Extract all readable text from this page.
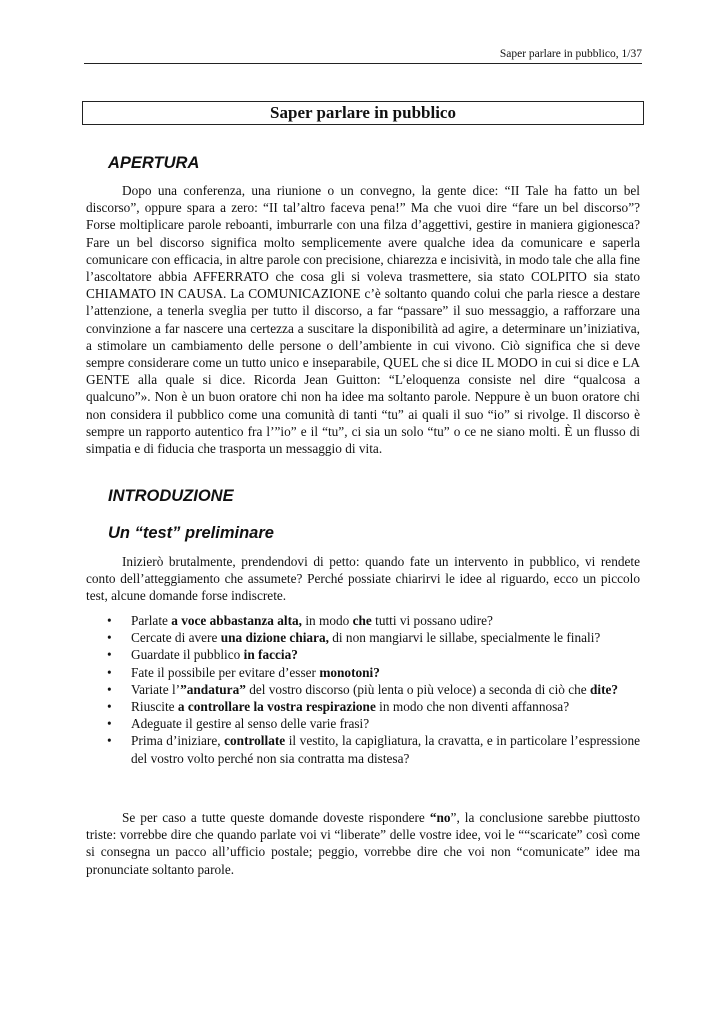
Saper parlare in pubblico, 1/37
Saper parlare in pubblico
APERTURA

Dopo una conferenza, una riunione o un convegno, la gente dice: “II Tale ha fatto un bel discorso”, oppure spara a zero: “II tal’altro faceva pena!” Ma che vuoi dire “fare un bel discorso”? Forse moltiplicare parole reboanti, imburrarle con una filza d’aggettivi, gestire in maniera gigionesca? Fare un bel discorso significa molto semplicemente avere qualche idea da comunicare e saperla comunicare con efficacia, in altre parole con precisione, chiarezza e incisività, in modo tale che alla fine l’ascoltatore abbia AFFERRATO che cosa gli si voleva trasmettere, sia stato COLPITO sia stato CHIAMATO IN CAUSA. La COMUNICAZIONE c’è soltanto quando colui che parla riesce a destare l’attenzione, a tenerla sveglia per tutto il discorso, a far “passare” il suo messaggio, a rafforzare una convinzione a far nascere una certezza a suscitare la disponibilità ad agire, a determinare un’iniziativa, a stimolare un cambiamento delle persone o dell’ambiente in cui vivono. Ciò significa che si deve sempre considerare come un tutto unico e inseparabile, QUEL che si dice IL MODO in cui si dice e LA GENTE alla quale si dice. Ricorda Jean Guitton: “L’eloquenza consiste nel dire “qualcosa a qualcuno”». Non è un buon oratore chi non ha idee ma soltanto parole. Neppure è un buon oratore chi non considera il pubblico come una comunità di tanti “tu” ai quali il suo “io” si rivolge. Il discorso è sempre un rapporto autentico fra l’”io” e il “tu”, ci sia un solo “tu” o ce ne siano molti. È un flusso di simpatia e di fiducia che trasporta un messaggio di vita.

INTRODUZIONE
Un “test” preliminare

Inizierò brutalmente, prendendovi di petto: quando fate un intervento in pubblico, vi rendete conto dell’atteggiamento che assumete? Perché possiate chiarirvi le idee al riguardo, ecco un piccolo test, alcune domande forse indiscrete.

• Parlate a voce abbastanza alta, in modo che tutti vi possano udire?
• Cercate di avere una dizione chiara, di non mangiarvi le sillabe, specialmente le finali?
• Guardate il pubblico in faccia?
• Fate il possibile per evitare d’esser monotoni?
• Variate l’”andatura” del vostro discorso (più lenta o più veloce) a seconda di ciò che dite?
• Riuscite a controllare la vostra respirazione in modo che non diventi affannosa?
• Adeguate il gestire al senso delle varie frasi?
• Prima d’iniziare, controllate il vestito, la capigliatura, la cravatta, e in particolare l’espressione del vostro volto perché non sia contratta ma distesa?

Se per caso a tutte queste domande doveste rispondere “no”, la conclusione sarebbe piuttosto triste: vorrebbe dire che quando parlate voi vi “liberate” delle vostre idee, voi le ““scaricate” così come si consegna un pacco all’ufficio postale; peggio, vorrebbe dire che voi non “comunicate” idee ma pronunciate soltanto parole.
